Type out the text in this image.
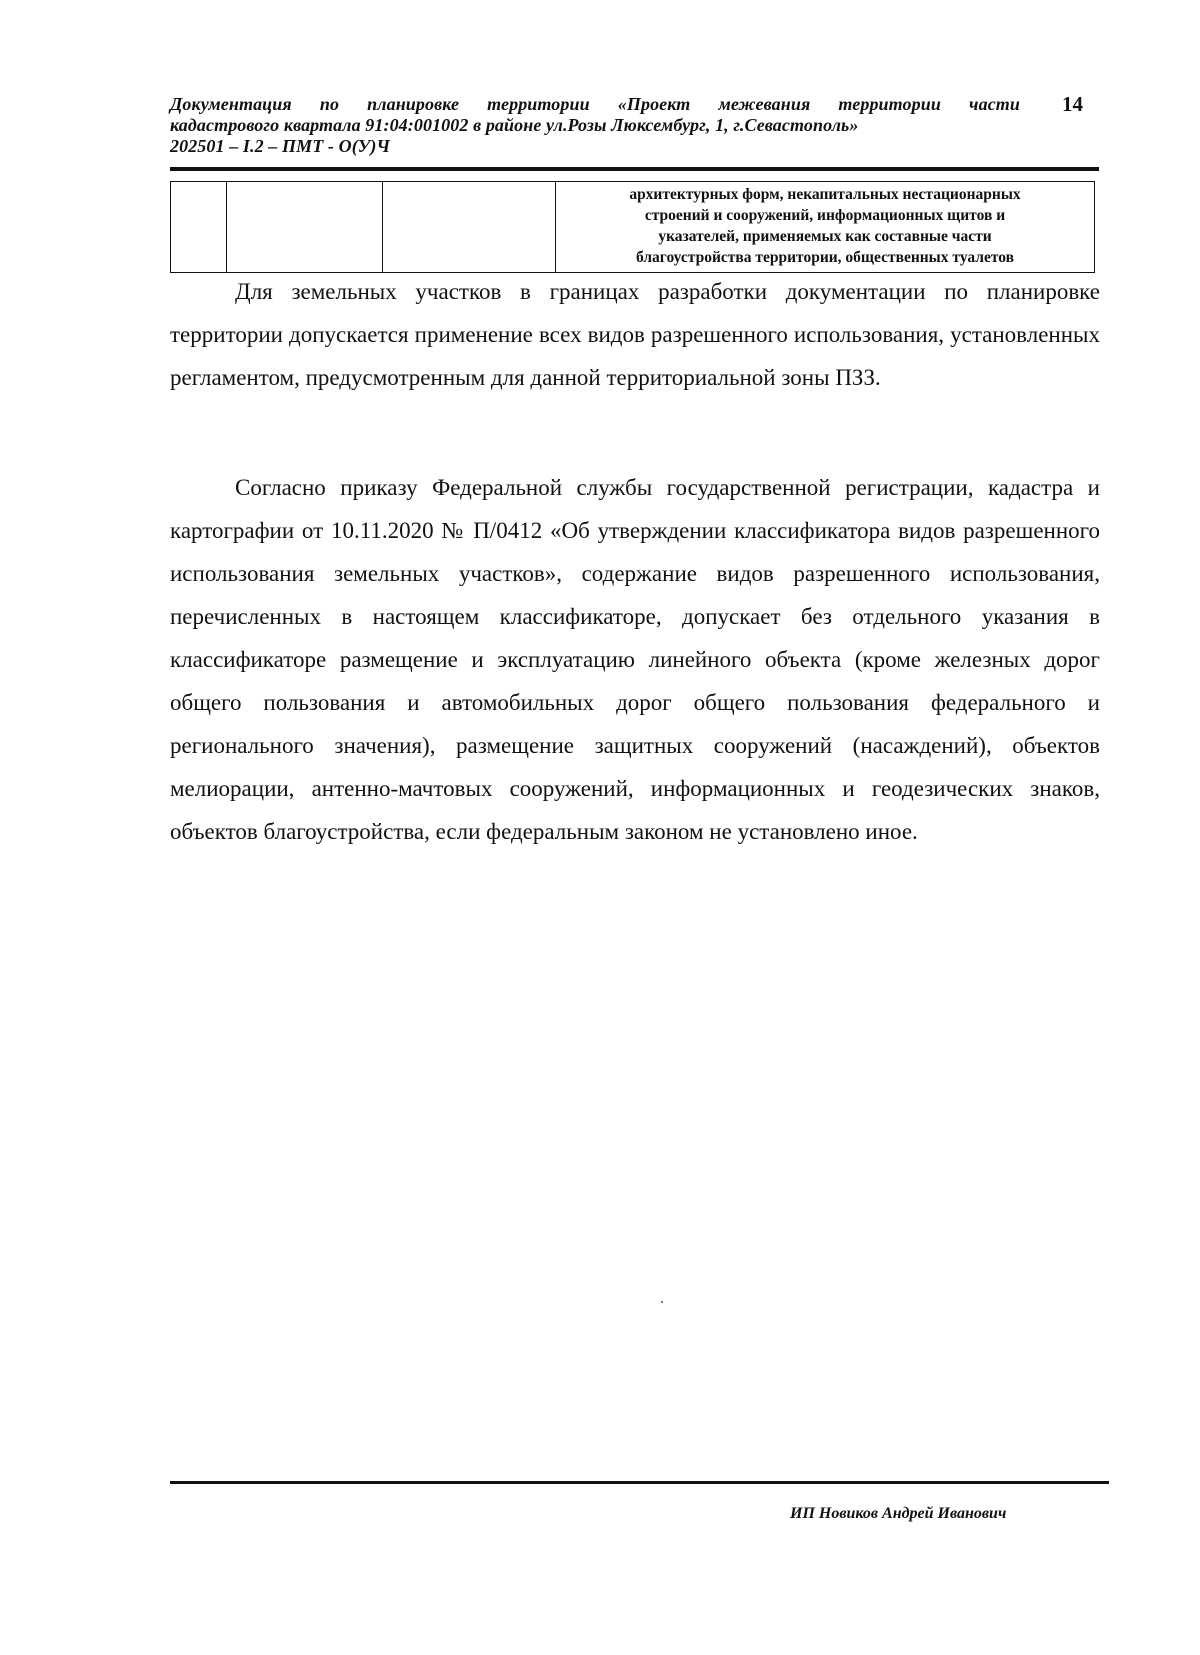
Документация по планировке территории «Проект межевания территории части
кадастрового квартала 91:04:001002 в районе ул.Розы Люксембург, 1, г.Севастополь»
202501 – I.2 – ПМТ - О(У)Ч
14

архитектурных форм, некапитальных нестационарных
строений и сооружений, информационных щитов и
указателей, применяемых как составные части
благоустройства территории, общественных туалетов

Для земельных участков в границах разработки документации по планировке территории допускается применение всех видов разрешенного использования, установленных регламентом, предусмотренным для данной территориальной зоны ПЗЗ.

Согласно приказу Федеральной службы государственной регистрации, кадастра и картографии от 10.11.2020 № П/0412 «Об утверждении классификатора видов разрешенного использования земельных участков», содержание видов разрешенного использования, перечисленных в настоящем классификаторе, допускает без отдельного указания в классификаторе размещение и эксплуатацию линейного объекта (кроме железных дорог общего пользования и автомобильных дорог общего пользования федерального и регионального значения), размещение защитных сооружений (насаждений), объектов мелиорации, антенно-мачтовых сооружений, информационных и геодезических знаков, объектов благоустройства, если федеральным законом не установлено иное.

ИП Новиков Андрей Иванович
